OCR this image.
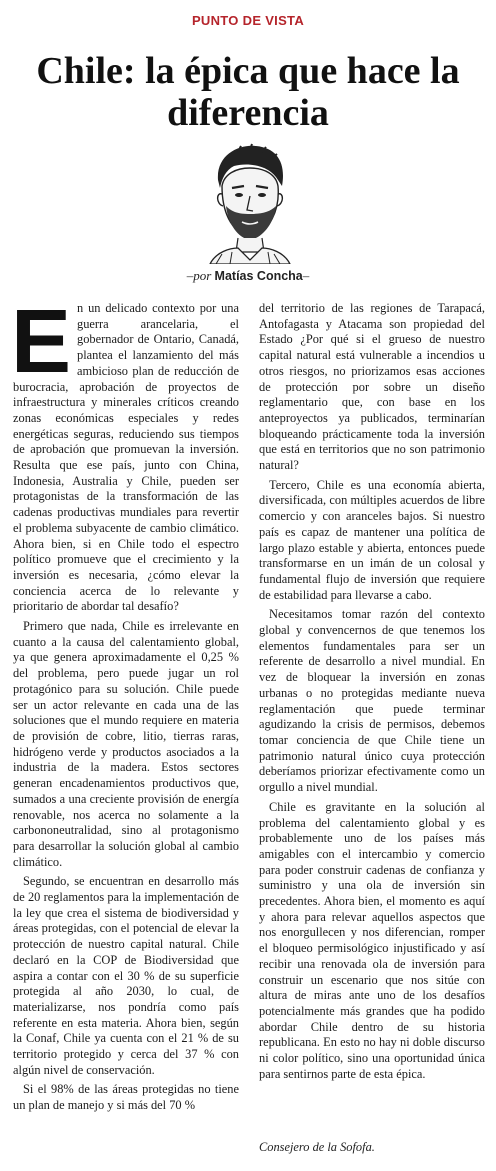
PUNTO DE VISTA
Chile: la épica que hace la diferencia
–por Matías Concha–

En un delicado contexto por una guerra arancelaria, el gobernador de Ontario, Canadá, plantea el lanzamiento del más ambicioso plan de reducción de burocracia, aprobación de proyectos de infraestructura y minerales críticos creando zonas económicas especiales y redes energéticas seguras, reduciendo sus tiempos de aprobación que promuevan la inversión. Resulta que ese país, junto con China, Indonesia, Australia y Chile, pueden ser protagonistas de la transformación de las cadenas productivas mundiales para revertir el problema subyacente de cambio climático. Ahora bien, si en Chile todo el espectro político promueve que el crecimiento y la inversión es necesaria, ¿cómo elevar la conciencia acerca de lo relevante y prioritario de abordar tal desafío?

Primero que nada, Chile es irrelevante en cuanto a la causa del calentamiento global, ya que genera aproximadamente el 0,25 % del problema, pero puede jugar un rol protagónico para su solución. Chile puede ser un actor relevante en cada una de las soluciones que el mundo requiere en materia de provisión de cobre, litio, tierras raras, hidrógeno verde y productos asociados a la industria de la madera. Estos sectores generan encadenamientos productivos que, sumados a una creciente provisión de energía renovable, nos acerca no solamente a la carbononeutralidad, sino al protagonismo para desarrollar la solución global al cambio climático.

Segundo, se encuentran en desarrollo más de 20 reglamentos para la implementación de la ley que crea el sistema de biodiversidad y áreas protegidas, con el potencial de elevar la protección de nuestro capital natural. Chile declaró en la COP de Biodiversidad que aspira a contar con el 30 % de su superficie protegida al año 2030, lo cual, de materializarse, nos pondría como país referente en esta materia. Ahora bien, según la Conaf, Chile ya cuenta con el 21 % de su territorio protegido y cerca del 37 % con algún nivel de conservación.

Si el 98% de las áreas protegidas no tiene un plan de manejo y si más del 70 %

del territorio de las regiones de Tarapacá, Antofagasta y Atacama son propiedad del Estado ¿Por qué si el grueso de nuestro capital natural está vulnerable a incendios u otros riesgos, no priorizamos esas acciones de protección por sobre un diseño reglamentario que, con base en los anteproyectos ya publicados, terminarían bloqueando prácticamente toda la inversión que está en territorios que no son patrimonio natural?

Tercero, Chile es una economía abierta, diversificada, con múltiples acuerdos de libre comercio y con aranceles bajos. Si nuestro país es capaz de mantener una política de largo plazo estable y abierta, entonces puede transformarse en un imán de un colosal y fundamental flujo de inversión que requiere de estabilidad para llevarse a cabo.

Necesitamos tomar razón del contexto global y convencernos de que tenemos los elementos fundamentales para ser un referente de desarrollo a nivel mundial. En vez de bloquear la inversión en zonas urbanas o no protegidas mediante nueva reglamentación que puede terminar agudizando la crisis de permisos, debemos tomar conciencia de que Chile tiene un patrimonio natural único cuya protección deberíamos priorizar efectivamente como un orgullo a nivel mundial.

Chile es gravitante en la solución al problema del calentamiento global y es probablemente uno de los países más amigables con el intercambio y comercio para poder construir cadenas de confianza y suministro y una ola de inversión sin precedentes. Ahora bien, el momento es aquí y ahora para relevar aquellos aspectos que nos enorgullecen y nos diferencian, romper el bloqueo permisológico injustificado y así recibir una renovada ola de inversión para construir un escenario que nos sitúe con altura de miras ante uno de los desafíos potencialmente más grandes que ha podido abordar Chile dentro de su historia republicana. En esto no hay ni doble discurso ni color político, sino una oportunidad única para sentirnos parte de esta épica.

Consejero de la Sofofa.
